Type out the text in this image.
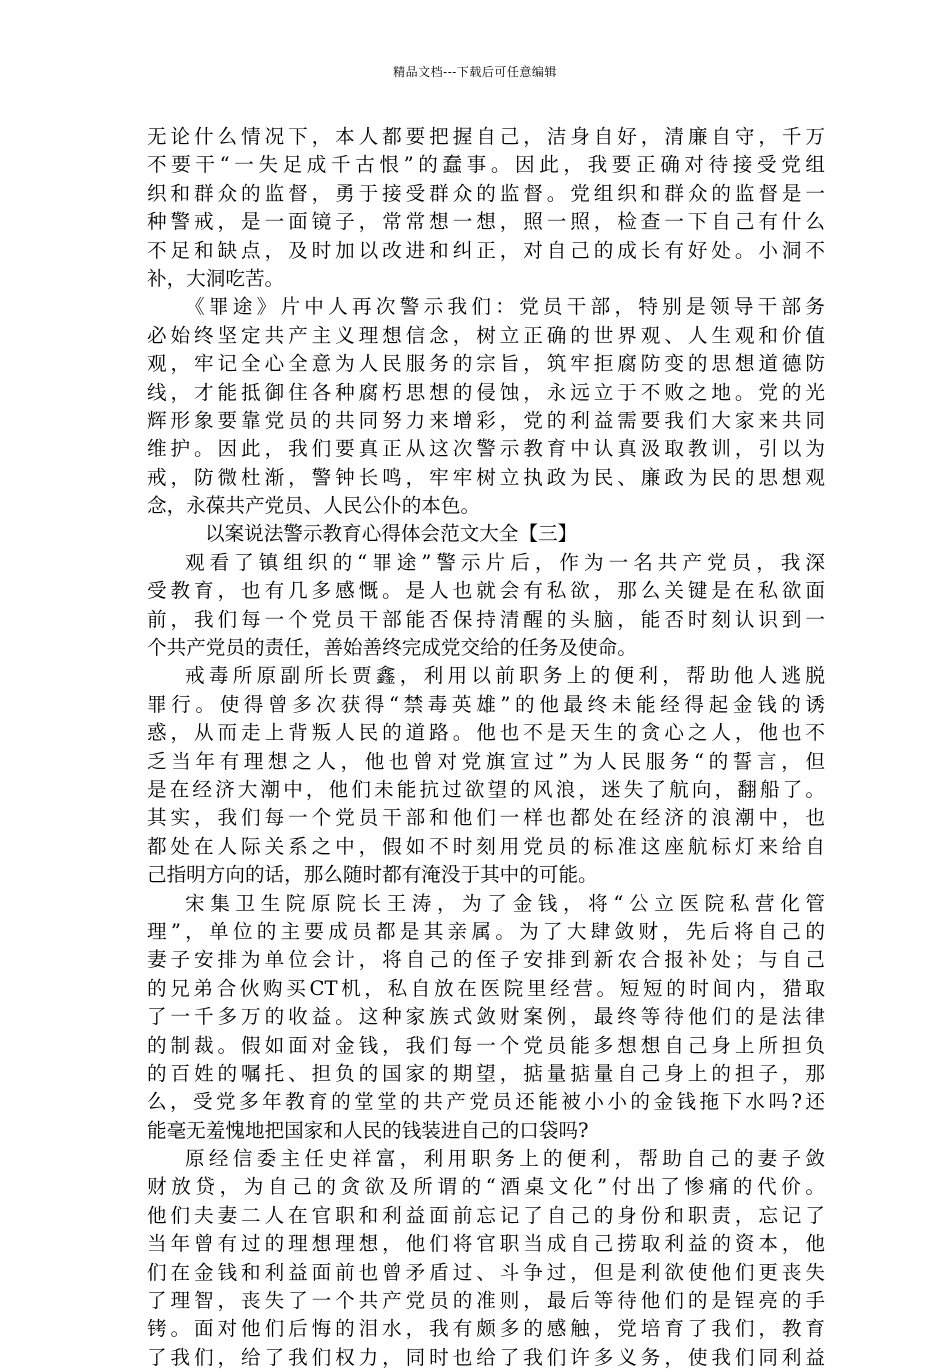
精品文档---下载后可任意编辑
无论什么情况下，本人都要把握自己，洁身自好，清廉自守，千万
不要干“一失足成千古恨”的蠢事。因此，我要正确对待接受党组
织和群众的监督，勇于接受群众的监督。党组织和群众的监督是一
种警戒，是一面镜子，常常想一想，照一照，检查一下自己有什么
不足和缺点，及时加以改进和纠正，对自己的成长有好处。小洞不
补，大洞吃苦。
《罪途》片中人再次警示我们：党员干部，特别是领导干部务
必始终坚定共产主义理想信念，树立正确的世界观、人生观和价值
观，牢记全心全意为人民服务的宗旨，筑牢拒腐防变的思想道德防
线，才能抵御住各种腐朽思想的侵蚀，永远立于不败之地。党的光
辉形象要靠党员的共同努力来增彩，党的利益需要我们大家来共同
维护。因此，我们要真正从这次警示教育中认真汲取教训，引以为
戒，防微杜渐，警钟长鸣，牢牢树立执政为民、廉政为民的思想观
念，永葆共产党员、人民公仆的本色。
以案说法警示教育心得体会范文大全【三】
观看了镇组织的“罪途”警示片后，作为一名共产党员，我深
受教育，也有几多感慨。是人也就会有私欲，那么关键是在私欲面
前，我们每一个党员干部能否保持清醒的头脑，能否时刻认识到一
个共产党员的责任，善始善终完成党交给的任务及使命。
戒毒所原副所长贾鑫，利用以前职务上的便利，帮助他人逃脱
罪行。使得曾多次获得“禁毒英雄”的他最终未能经得起金钱的诱
惑，从而走上背叛人民的道路。他也不是天生的贪心之人，他也不
乏当年有理想之人，他也曾对党旗宣过”为人民服务“的誓言，但
是在经济大潮中，他们未能抗过欲望的风浪，迷失了航向，翻船了。
其实，我们每一个党员干部和他们一样也都处在经济的浪潮中，也
都处在人际关系之中，假如不时刻用党员的标准这座航标灯来给自
己指明方向的话，那么随时都有淹没于其中的可能。
宋集卫生院原院长王涛，为了金钱，将“公立医院私营化管
理”，单位的主要成员都是其亲属。为了大肆敛财，先后将自己的
妻子安排为单位会计，将自己的侄子安排到新农合报补处；与自己
的兄弟合伙购买CT机，私自放在医院里经营。短短的时间内，猎取
了一千多万的收益。这种家族式敛财案例，最终等待他们的是法律
的制裁。假如面对金钱，我们每一个党员能多想想自己身上所担负
的百姓的嘱托、担负的国家的期望，掂量掂量自己身上的担子，那
么，受党多年教育的堂堂的共产党员还能被小小的金钱拖下水吗?还
能毫无羞愧地把国家和人民的钱装进自己的口袋吗?
原经信委主任史祥富，利用职务上的便利，帮助自己的妻子敛
财放贷，为自己的贪欲及所谓的“酒桌文化”付出了惨痛的代价。
他们夫妻二人在官职和利益面前忘记了自己的身份和职责，忘记了
当年曾有过的理想理想，他们将官职当成自己捞取利益的资本，他
们在金钱和利益面前也曾矛盾过、斗争过，但是利欲使他们更丧失
了理智，丧失了一个共产党员的准则，最后等待他们的是锃亮的手
铐。面对他们后悔的泪水，我有颇多的感触，党培育了我们，教育
了我们，给了我们权力，同时也给了我们许多义务，使我们同利益
